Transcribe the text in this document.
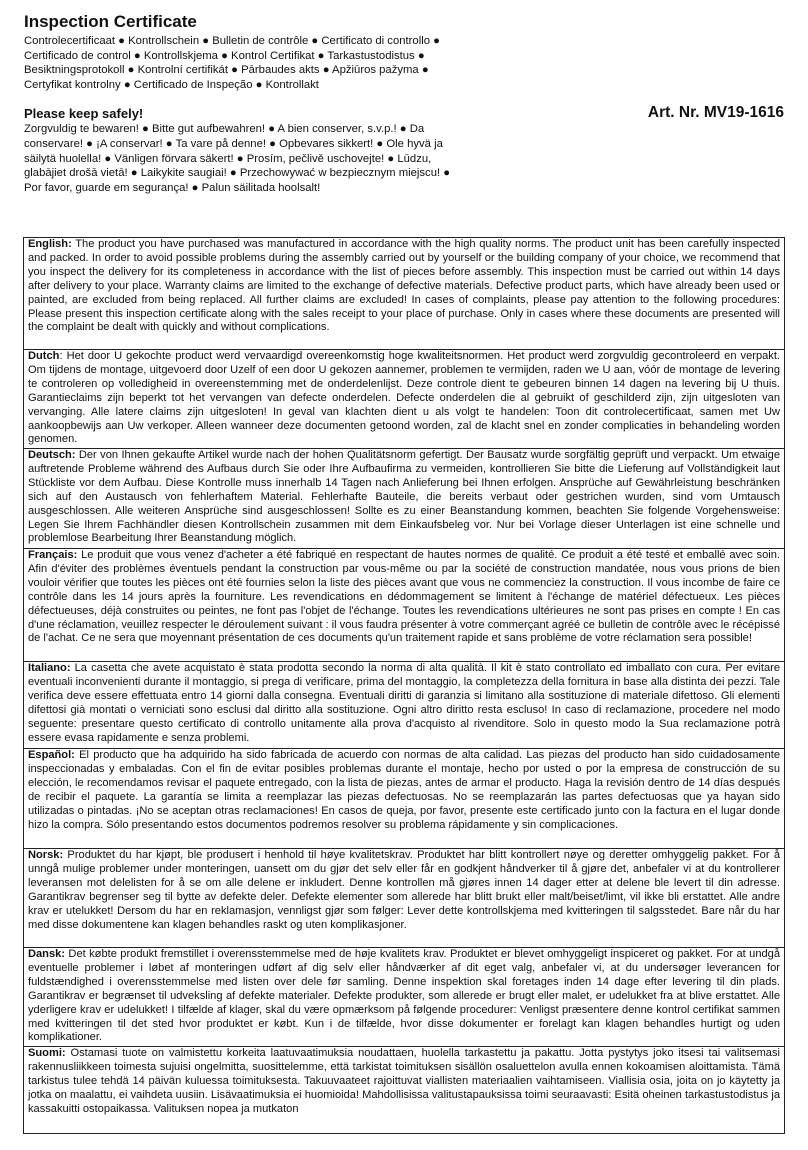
Inspection Certificate

Controlecertificaat ● Kontrollschein ● Bulletin de contrôle ● Certificato di controllo ● Certificado de control ● Kontrollskjema ● Kontrol Certifikat ● Tarkastustodistus ● Besiktningsprotokoll ● Kontrolní certifikát ● Pārbaudes akts ● Apžiūros pažyma ● Certyfikat kontrolny ● Certificado de Inspeção ● Kontrollakt

Art. Nr. MV19-1616
Please keep safely!

Zorgvuldig te bewaren! ● Bitte gut aufbewahren! ● A bien conserver, s.v.p.! ● Da conservare! ● ¡A conservar! ● Ta vare på denne! ● Opbevares sikkert! ● Ole hyvä ja säilytä huolella! ● Vänligen förvara säkert! ● Prosím, pečlivě uschovejte! ● Lūdzu, glabājiet drošā vietā! ● Laikykite saugiai! ● Przechowywać w bezpiecznym miejscu! ● Por favor, guarde em segurança! ● Palun säilitada hoolsalt!

English: The product you have purchased was manufactured in accordance with the high quality norms. The product unit has been carefully inspected and packed. In order to avoid possible problems during the assembly carried out by yourself or the building company of your choice, we recommend that you inspect the delivery for its completeness in accordance with the list of pieces before assembly. This inspection must be carried out within 14 days after delivery to your place. Warranty claims are limited to the exchange of defective materials. Defective product parts, which have already been used or painted, are excluded from being replaced. All further claims are excluded! In cases of complaints, please pay attention to the following procedures: Please present this inspection certificate along with the sales receipt to your place of purchase. Only in cases where these documents are presented will the complaint be dealt with quickly and without complications.
Dutch: Het door U gekochte product werd vervaardigd overeenkomstig hoge kwaliteitsnormen. Het product werd zorgvuldig gecontroleerd en verpakt. Om tijdens de montage, uitgevoerd door Uzelf of een door U gekozen aannemer, problemen te vermijden, raden we U aan, vóór de montage de levering te controleren op volledigheid in overeenstemming met de onderdelenlijst. Deze controle dient te gebeuren binnen 14 dagen na levering bij U thuis. Garantieclaims zijn beperkt tot het vervangen van defecte onderdelen. Defecte onderdelen die al gebruikt of geschilderd zijn, zijn uitgesloten van vervanging. Alle latere claims zijn uitgesloten! In geval van klachten dient u als volgt te handelen: Toon dit controlecertificaat, samen met Uw aankoopbewijs aan Uw verkoper. Alleen wanneer deze documenten getoond worden, zal de klacht snel en zonder complicaties in behandeling worden genomen.
Deutsch: Der von Ihnen gekaufte Artikel wurde nach der hohen Qualitätsnorm gefertigt. Der Bausatz wurde sorgfältig geprüft und verpackt. Um etwaige auftretende Probleme während des Aufbaus durch Sie oder Ihre Aufbaufirma zu vermeiden, kontrollieren Sie bitte die Lieferung auf Vollständigkeit laut Stückliste vor dem Aufbau. Diese Kontrolle muss innerhalb 14 Tagen nach Anlieferung bei Ihnen erfolgen. Ansprüche auf Gewährleistung beschränken sich auf den Austausch von fehlerhaftem Material. Fehlerhafte Bauteile, die bereits verbaut oder gestrichen wurden, sind vom Umtausch ausgeschlossen. Alle weiteren Ansprüche sind ausgeschlossen! Sollte es zu einer Beanstandung kommen, beachten Sie folgende Vorgehensweise: Legen Sie Ihrem Fachhändler diesen Kontrollschein zusammen mit dem Einkaufsbeleg vor. Nur bei Vorlage dieser Unterlagen ist eine schnelle und problemlose Bearbeitung Ihrer Beanstandung möglich.
Français: Le produit que vous venez d'acheter a été fabriqué en respectant de hautes normes de qualité. Ce produit a été testé et emballé avec soin. Afin d'éviter des problèmes éventuels pendant la construction par vous-même ou par la société de construction mandatée, nous vous prions de bien vouloir vérifier que toutes les pièces ont été fournies selon la liste des pièces avant que vous ne commenciez la construction. Il vous incombe de faire ce contrôle dans les 14 jours après la fourniture. Les revendications en dédommagement se limitent à l'échange de matériel défectueux. Les pièces défectueuses, déjà construites ou peintes, ne font pas l'objet de l'échange. Toutes les revendications ultérieures ne sont pas prises en compte ! En cas d'une réclamation, veuillez respecter le déroulement suivant : il vous faudra présenter à votre commerçant agréé ce bulletin de contrôle avec le récépissé de l'achat. Ce ne sera que moyennant présentation de ces documents qu'un traitement rapide et sans problème de votre réclamation sera possible!
Italiano: La casetta che avete acquistato è stata prodotta secondo la norma di alta qualità. Il kit è stato controllato ed imballato con cura. Per evitare eventuali inconvenienti durante il montaggio, si prega di verificare, prima del montaggio, la completezza della fornitura in base alla distinta dei pezzi. Tale verifica deve essere effettuata entro 14 giorni dalla consegna. Eventuali diritti di garanzia si limitano alla sostituzione di materiale difettoso. Gli elementi difettosi già montati o verniciati sono esclusi dal diritto alla sostituzione. Ogni altro diritto resta escluso! In caso di reclamazione, procedere nel modo seguente: presentare questo certificato di controllo unitamente alla prova d'acquisto al rivenditore. Solo in questo modo la Sua reclamazione potrà essere evasa rapidamente e senza problemi.
Español: El producto que ha adquirido ha sido fabricada de acuerdo con normas de alta calidad. Las piezas del producto han sido cuidadosamente inspeccionadas y embaladas. Con el fin de evitar posibles problemas durante el montaje, hecho por usted o por la empresa de construcción de su elección, le recomendamos revisar el paquete entregado, con la lista de piezas, antes de armar el producto. Haga la revisión dentro de 14 días después de recibir el paquete. La garantía se limita a reemplazar las piezas defectuosas. No se reemplazarán las partes defectuosas que ya hayan sido utilizadas o pintadas. ¡No se aceptan otras reclamaciones! En casos de queja, por favor, presente este certificado junto con la factura en el lugar donde hizo la compra. Sólo presentando estos documentos podremos resolver su problema rápidamente y sin complicaciones.
Norsk: Produktet du har kjøpt, ble produsert i henhold til høye kvalitetskrav. Produktet har blitt kontrollert nøye og deretter omhyggelig pakket. For å unngå mulige problemer under monteringen, uansett om du gjør det selv eller får en godkjent håndverker til å gjøre det, anbefaler vi at du kontrollerer leveransen mot delelisten for å se om alle delene er inkludert. Denne kontrollen må gjøres innen 14 dager etter at delene ble levert til din adresse. Garantikrav begrenser seg til bytte av defekte deler. Defekte elementer som allerede har blitt brukt eller malt/beiset/limt, vil ikke bli erstattet. Alle andre krav er utelukket! Dersom du har en reklamasjon, vennligst gjør som følger: Lever dette kontrollskjema med kvitteringen til salgsstedet. Bare når du har med disse dokumentene kan klagen behandles raskt og uten komplikasjoner.
Dansk: Det købte produkt fremstillet i overensstemmelse med de høje kvalitets krav. Produktet er blevet omhyggeligt inspiceret og pakket. For at undgå eventuelle problemer i løbet af monteringen udført af dig selv eller håndværker af dit eget valg, anbefaler vi, at du undersøger leverancen for fuldstændighed i overensstemmelse med listen over dele før samling. Denne inspektion skal foretages inden 14 dage efter levering til din plads. Garantikrav er begrænset til udveksling af defekte materialer. Defekte produkter, som allerede er brugt eller malet, er udelukket fra at blive erstattet. Alle yderligere krav er udelukket! I tilfælde af klager, skal du være opmærksom på følgende procedurer: Venligst præsentere denne kontrol certifikat sammen med kvitteringen til det sted hvor produktet er købt. Kun i de tilfælde, hvor disse dokumenter er forelagt kan klagen behandles hurtigt og uden komplikationer.
Suomi: Ostamasi tuote on valmistettu korkeita laatuvaatimuksia noudattaen, huolella tarkastettu ja pakattu. Jotta pystytys joko itsesi tai valitsemasi rakennusliikkeen toimesta sujuisi ongelmitta, suosittelemme, että tarkistat toimituksen sisällön osaluettelon avulla ennen kokoamisen aloittamista. Tämä tarkistus tulee tehdä 14 päivän kuluessa toimituksesta. Takuuvaateet rajoittuvat viallisten materiaalien vaihtamiseen. Viallisia osia, joita on jo käytetty ja jotka on maalattu, ei vaihdeta uusiin. Lisävaatimuksia ei huomioida! Mahdollisissa valitustapauksissa toimi seuraavasti: Esitä oheinen tarkastustodistus ja kassakuitti ostopaikassa. Valituksen nopea ja mutkaton
